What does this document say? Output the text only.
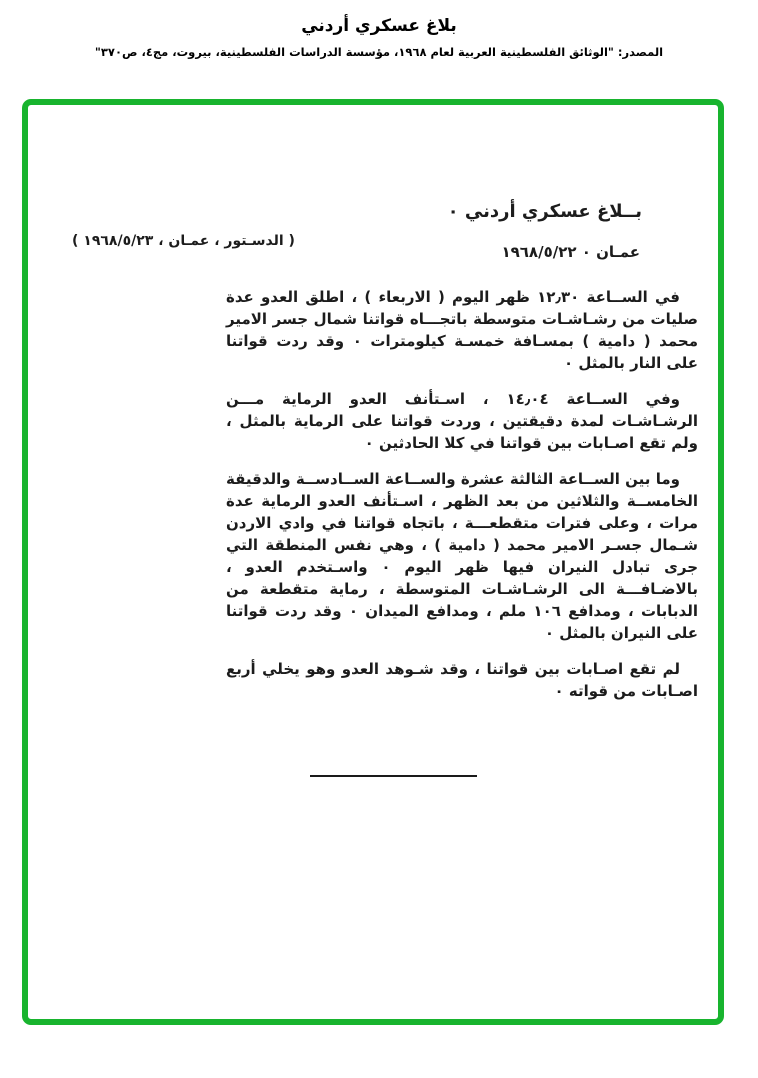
بلاغ عسكري أردني
المصدر: "الوثائق الفلسطينية العربية لعام ١٩٦٨، مؤسسة الدراسات الفلسطينية، بيروت، مج٤، ص٣٧٠"
بــلاغ عسكري أردني ٠
عمـان ٠ ١٩٦٨/٥/٢٢
( الدسـتور ، عمـان ، ١٩٦٨/٥/٢٣ )

في الســاعة ١٢٫٣٠ ظهر اليوم ( الاربعاء ) ، اطلق العدو عدة صليات من رشـاشـات متوسطة باتجـــاه قواتنا شمال جسر الامير محمد ( دامية ) بمسـافة خمسـة كيلومترات ٠ وقد ردت قواتنا على النار بالمثل ٠

وفي الســاعة ١٤٫٠٤ ، اسـتأنف العدو الرماية مـــن الرشـاشـات لمدة دقيقتين ، وردت قواتنا على الرماية بالمثل ، ولم تقع اصـابات بين قواتنا في كلا الحادثين ٠

وما بين الســاعة الثالثة عشرة والســاعة الســادســة والدقيقة الخامســة والثلاثين من بعد الظهر ، اسـتأنف العدو الرماية عدة مرات ، وعلى فترات متقطعـــة ، باتجاه قواتنا في وادي الاردن شـمال جسـر الامير محمد ( دامية ) ، وهي نفس المنطقة التي جرى تبادل النيران فيها ظهر اليوم ٠ واسـتخدم العدو ، بالاضـافـــة الى الرشـاشـات المتوسطة ، رماية متقطعة من الدبابات ، ومدافع ١٠٦ ملم ، ومدافع الميدان ٠ وقد ردت قواتنا على النيران بالمثل ٠

لم تقع اصـابات بين قواتنا ، وقد شـوهد العدو وهو يخلي أربع اصـابات من قواته ٠
